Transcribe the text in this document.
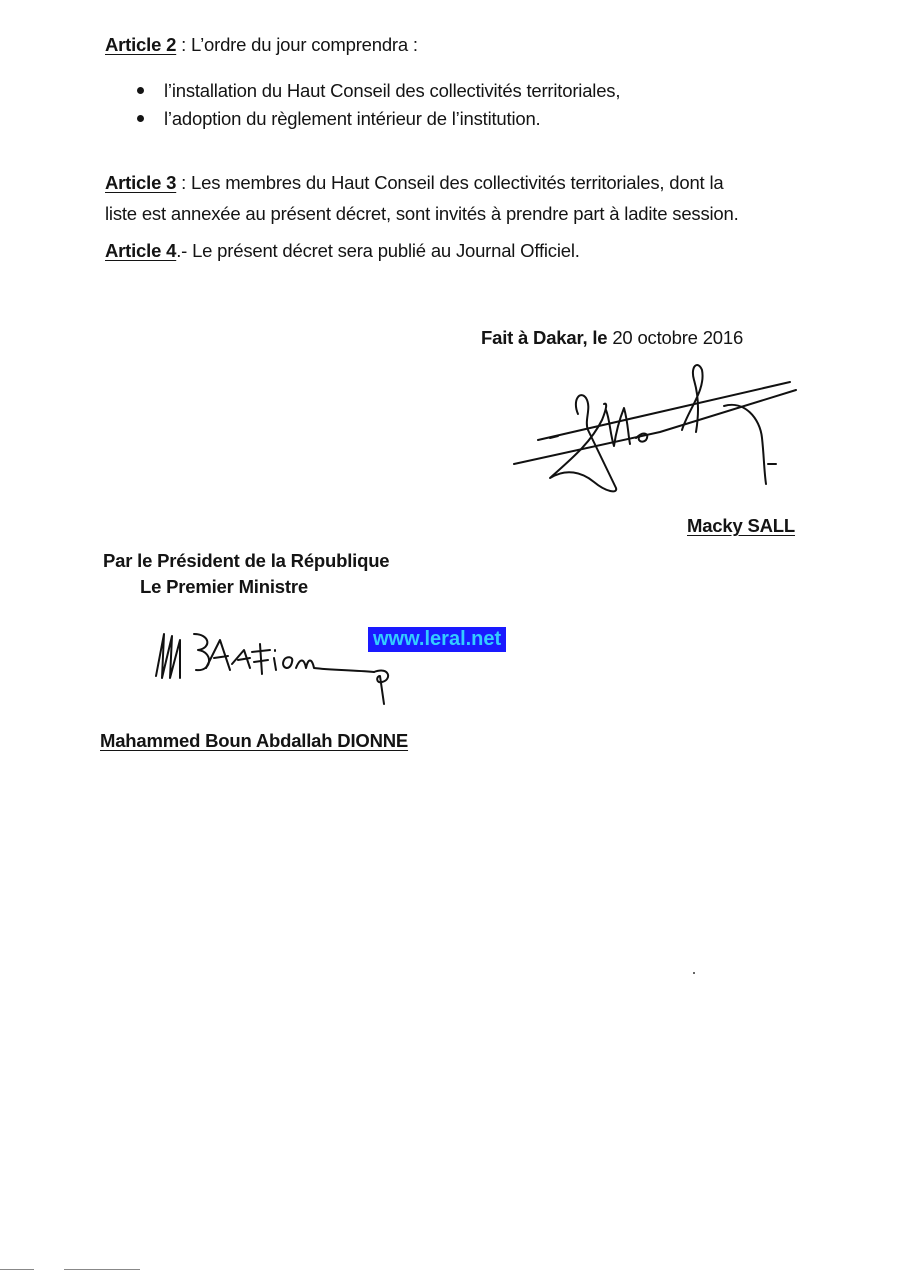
Article 2 : L’ordre du jour comprendra :
l’installation du Haut Conseil des collectivités territoriales,
l’adoption du règlement intérieur de l’institution.
Article 3 : Les membres du Haut Conseil des collectivités territoriales, dont la
liste est annexée au présent décret, sont invités à prendre part à ladite session.
Article 4.- Le présent décret sera publié au Journal Officiel.
Fait à Dakar, le 20 octobre 2016
Macky SALL
Par le Président de la République
Le Premier Ministre
www.leral.net
Mahammed Boun Abdallah DIONNE
